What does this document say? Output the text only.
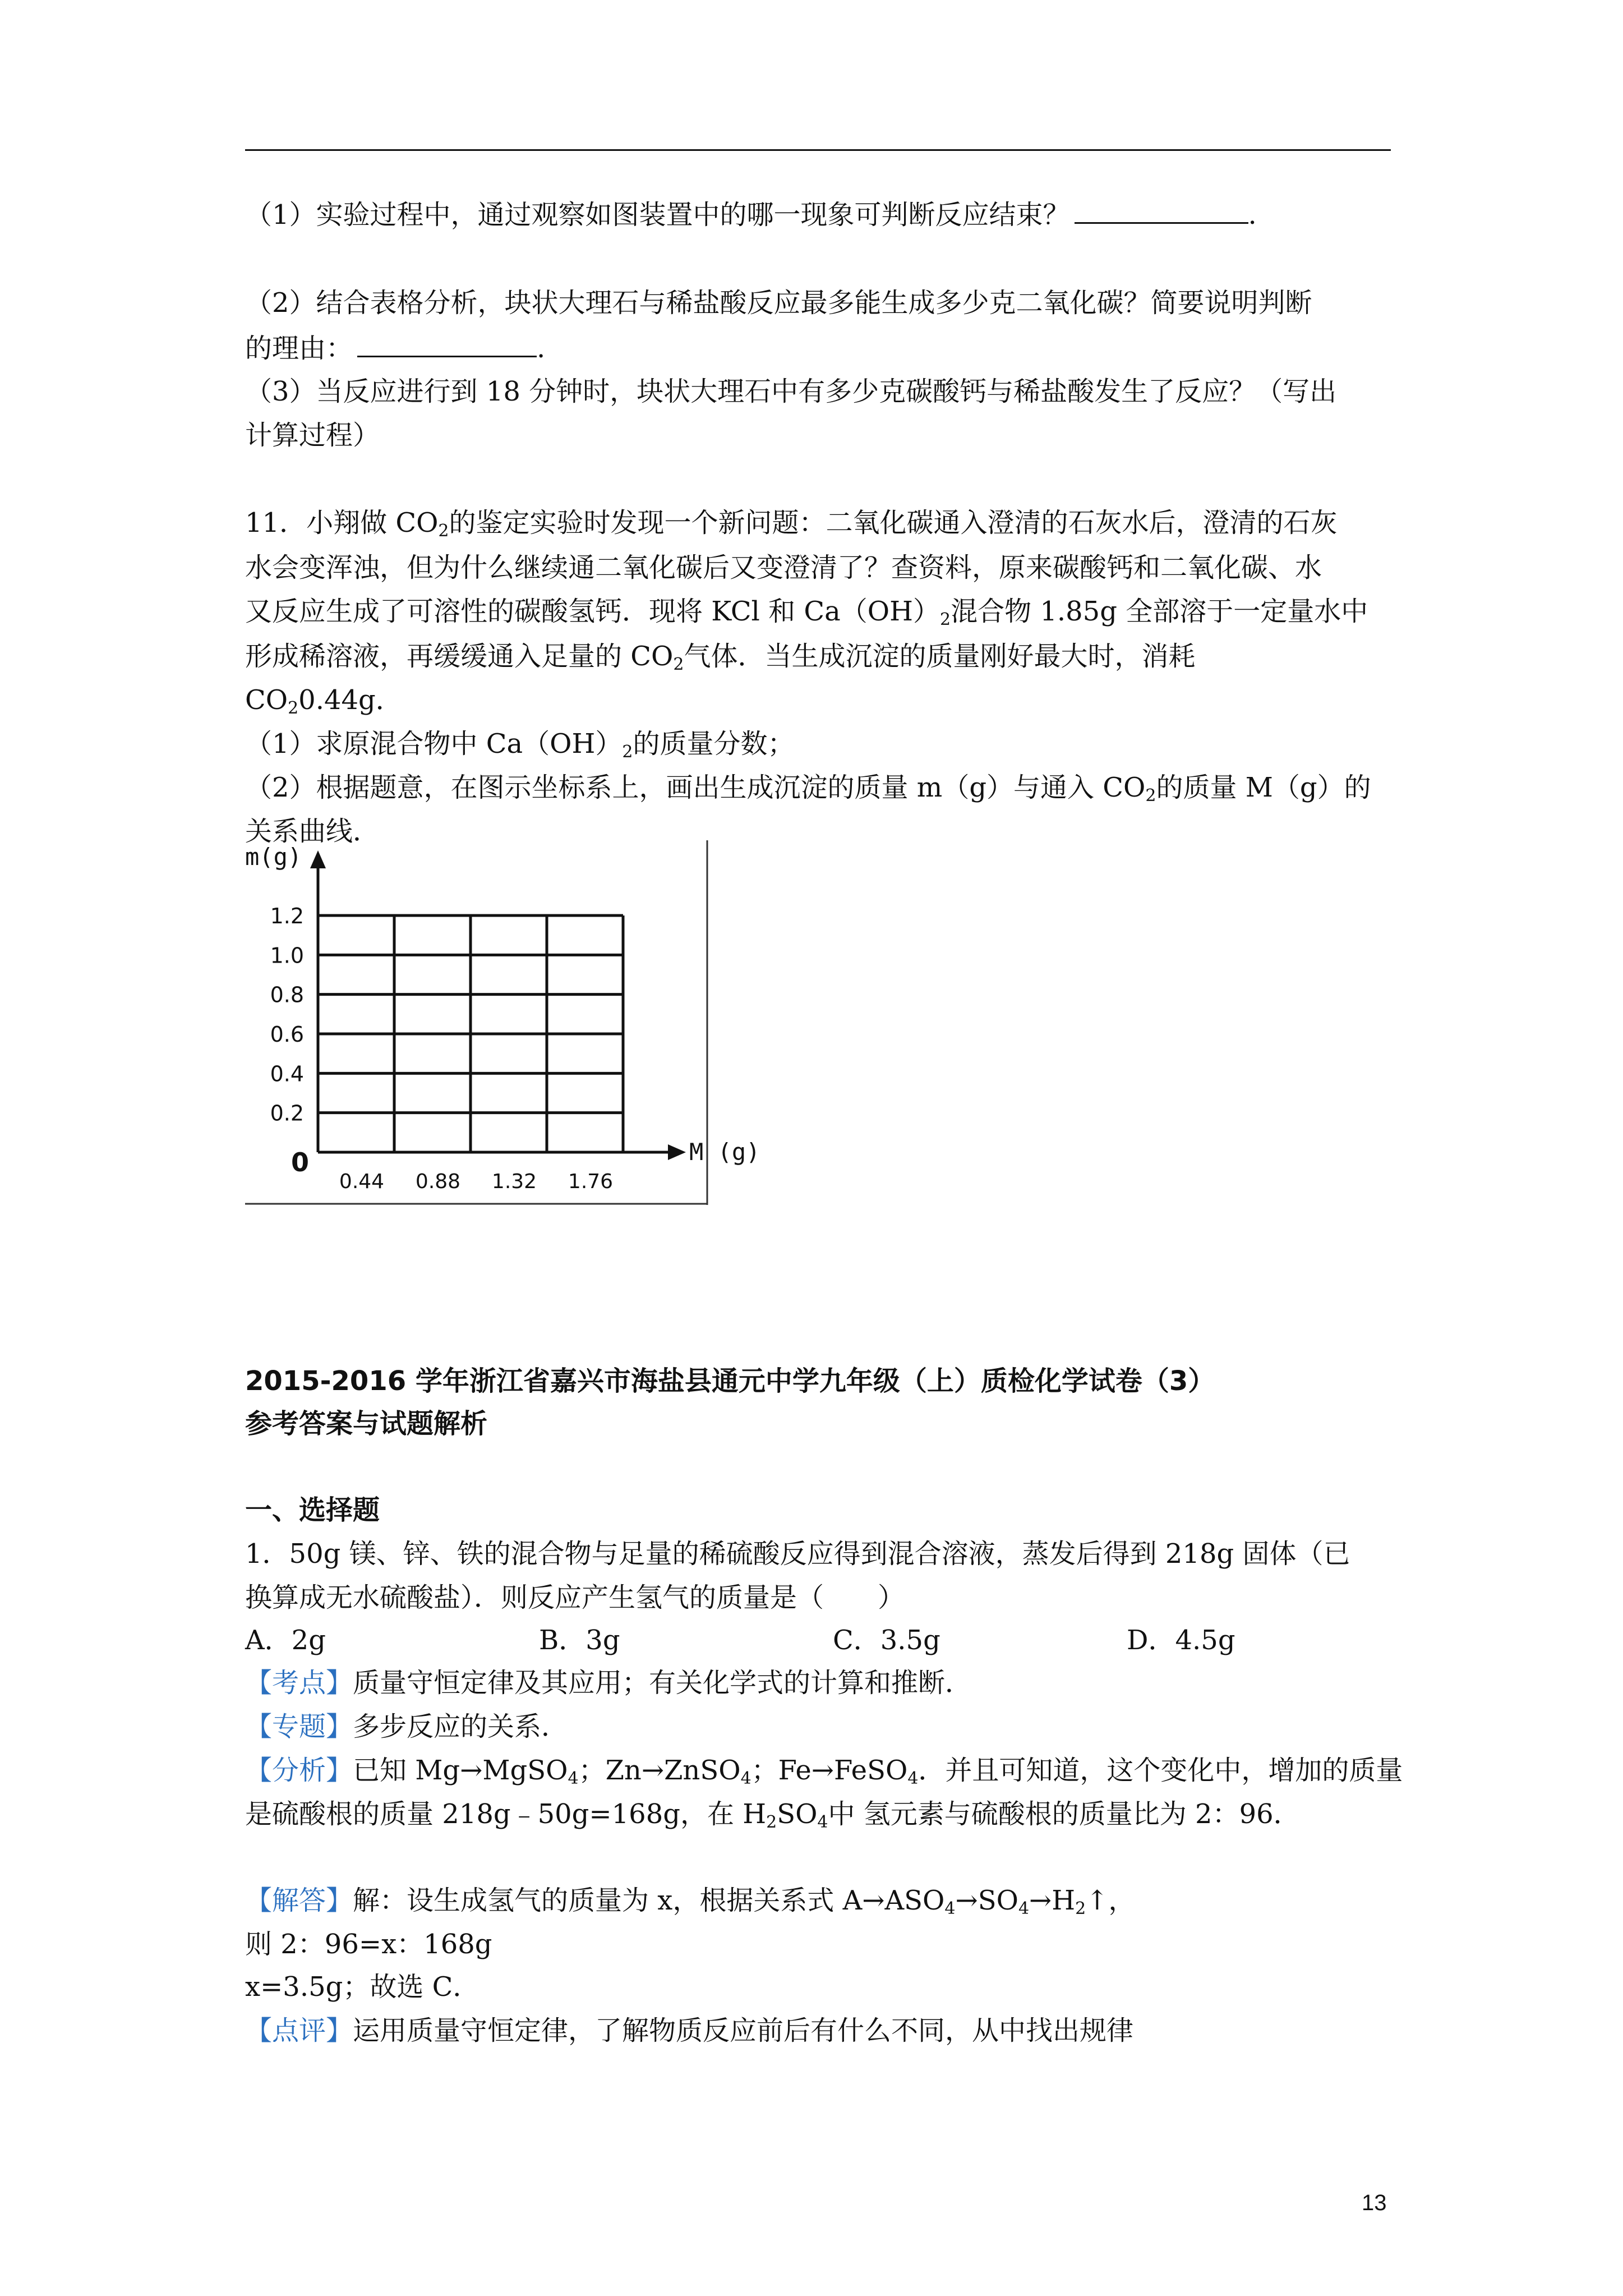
（1）实验过程中，通过观察如图装置中的哪一现象可判断反应结束？	.
（2）结合表格分析，块状大理石与稀盐酸反应最多能生成多少克二氧化碳？简要说明判断
的理由：	.
（3）当反应进行到 18 分钟时，块状大理石中有多少克碳酸钙与稀盐酸发生了反应？（写出
计算过程）
11．小翔做 $CO_2$的鉴定实验时发现一个新问题：二氧化碳通入澄清的石灰水后，澄清的石灰
水会变浑浊，但为什么继续通二氧化碳后又变澄清了？查资料，原来碳酸钙和二氧化碳、水
又反应生成了可溶性的碳酸氢钙．现将 KCl 和 $Ca(OH)_2$混合物 1.85g 全部溶于一定量水中
形成稀溶液，再缓缓通入足量的 $CO_2$气体．当生成沉淀的质量刚好最大时，消耗
$CO_20.44g$．
（1）求原混合物中 $Ca(OH)_2$的质量分数；
（2）根据题意，在图示坐标系上，画出生成沉淀的质量 m（g）与通入 $CO_2$的质量 M（g）的
关系曲线．
0.2
0.4
0.6
0.8
1.0
1.2
0.44 0.88 1.32 1.76
m(g)
M (g)
0
2015-2016 学年浙江省嘉兴市海盐县通元中学九年级（上）质检化学试卷（3）
参考答案与试题解析
一、选择题
1．50g 镁、锌、铁的混合物与足量的稀硫酸反应得到混合溶液，蒸发后得到 218g 固体（已
换算成无水硫酸盐）．则反应产生氢气的质量是（　　）
A．2g	B．3g	C．3.5g	D．4.5g
【考点】质量守恒定律及其应用；有关化学式的计算和推断．
【专题】多步反应的关系．
【分析】已知 Mg→MgSO$_4$；Zn→ZnSO$_4$；Fe→FeSO$_4$．并且可知道，这个变化中，增加的质量
是硫酸根的质量 218g﹣50g=168g，在 $H_2SO_4$中 氢元素与硫酸根的质量比为 2：96．
【解答】解：设生成氢气的质量为 x，根据关系式 $A\to ASO_4\to SO_4\to H_2↑$，
则 2：96=x：168g
x=3.5g；故选 C．
【点评】运用质量守恒定律，了解物质反应前后有什么不同，从中找出规律
13
